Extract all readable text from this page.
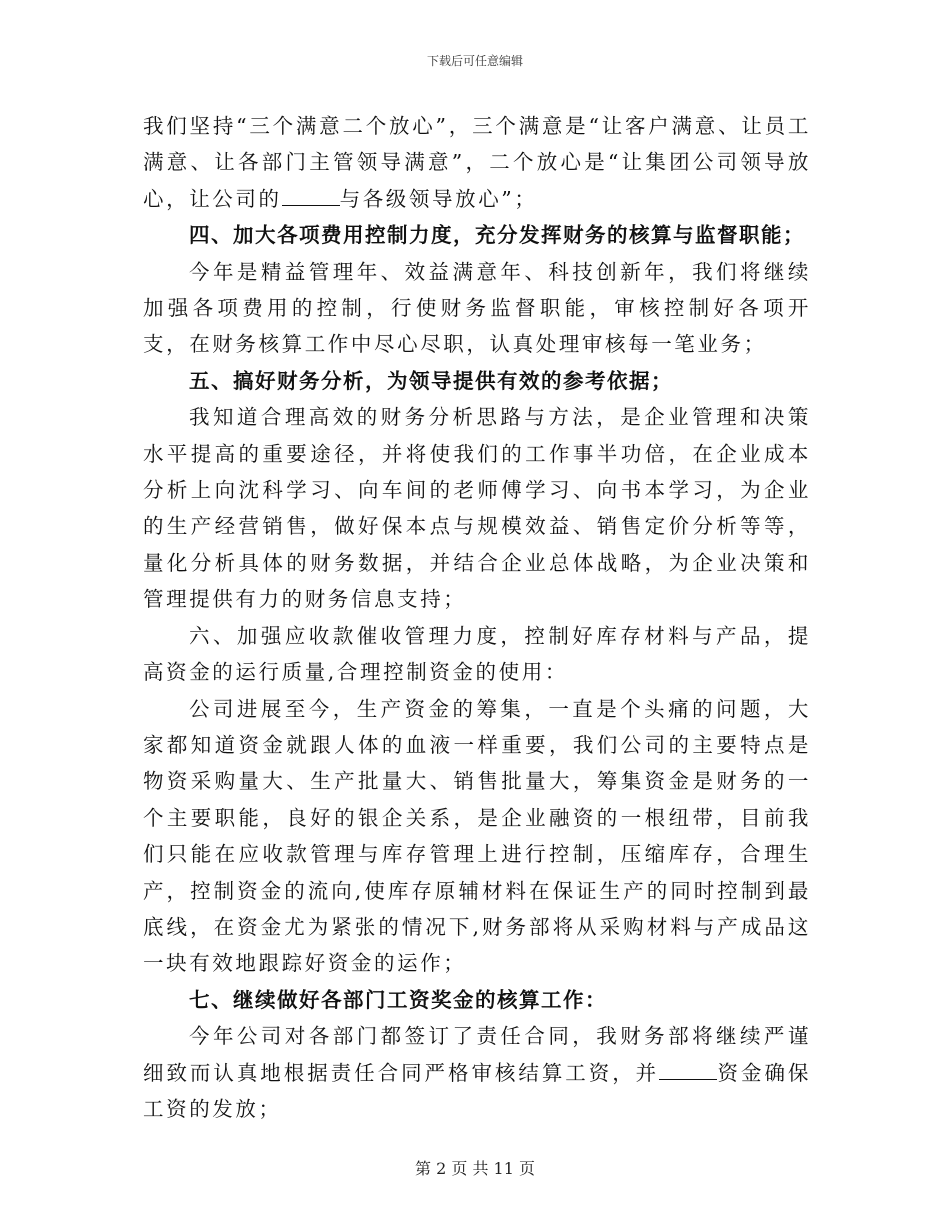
下载后可任意编辑

我们坚持“三个满意二个放心”，三个满意是“让客户满意、让员工满意、让各部门主管领导满意”，二个放心是“让集团公司领导放心，让公司的	与各级领导放心”；

四、加大各项费用控制力度，充分发挥财务的核算与监督职能；

今年是精益管理年、效益满意年、科技创新年，我们将继续加强各项费用的控制，行使财务监督职能，审核控制好各项开支，在财务核算工作中尽心尽职，认真处理审核每一笔业务；

五、搞好财务分析，为领导提供有效的参考依据；

我知道合理高效的财务分析思路与方法，是企业管理和决策水平提高的重要途径，并将使我们的工作事半功倍，在企业成本分析上向沈科学习、向车间的老师傅学习、向书本学习，为企业的生产经营销售，做好保本点与规模效益、销售定价分析等等，量化分析具体的财务数据，并结合企业总体战略，为企业决策和管理提供有力的财务信息支持；

六、加强应收款催收管理力度，控制好库存材料与产品，提高资金的运行质量,合理控制资金的使用：

公司进展至今，生产资金的筹集，一直是个头痛的问题，大家都知道资金就跟人体的血液一样重要，我们公司的主要特点是物资采购量大、生产批量大、销售批量大，筹集资金是财务的一个主要职能，良好的银企关系，是企业融资的一根纽带，目前我们只能在应收款管理与库存管理上进行控制，压缩库存，合理生产，控制资金的流向,使库存原辅材料在保证生产的同时控制到最底线，在资金尤为紧张的情况下,财务部将从采购材料与产成品这一块有效地跟踪好资金的运作；

七、继续做好各部门工资奖金的核算工作：

今年公司对各部门都签订了责任合同，我财务部将继续严谨细致而认真地根据责任合同严格审核结算工资，并	资金确保工资的发放；

第 2 页 共 11 页
